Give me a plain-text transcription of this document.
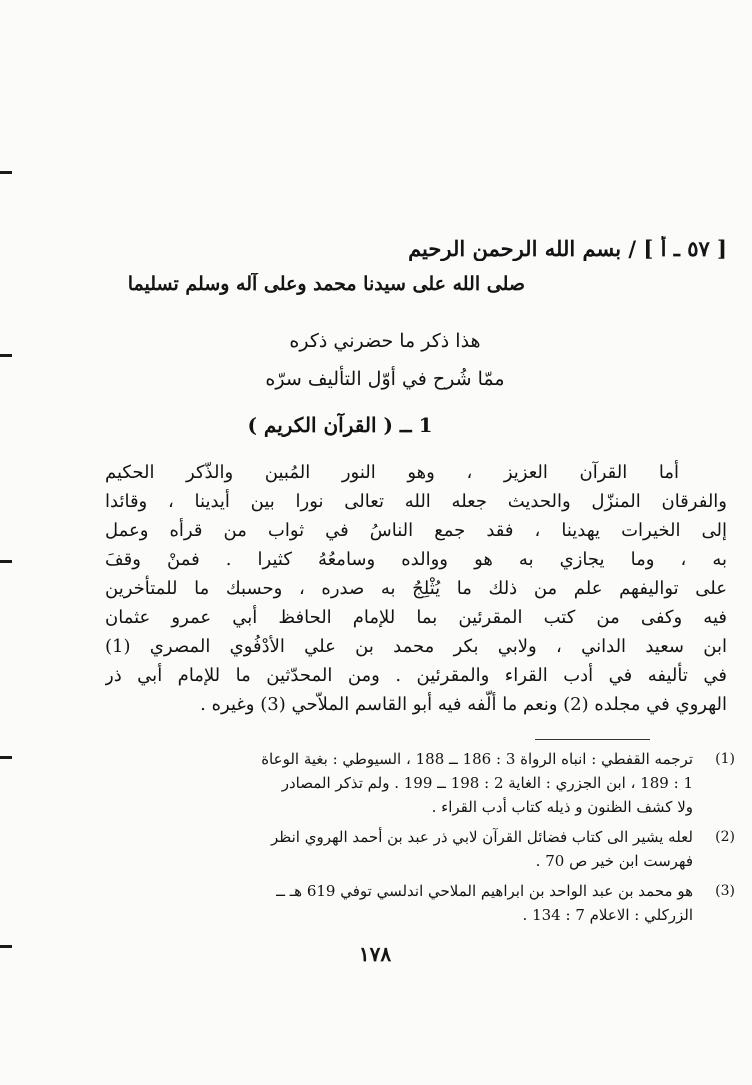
[ ٥٧ ـ أ ] / بسم الله الرحمن الرحيم
صلى الله على سيدنا محمد وعلى آله وسلم تسليما
هذا ذكر ما حضرني ذكره
ممّا شُرح في أوّل التأليف سرّه
1 ــ ( القرآن الكريم )
أما القرآن العزيز ، وهو النور المُبين والذّكر الحكيم
والفرقان المنزّل والحديث جعله الله تعالى نورا بين أيدينا ، وقائدا
إلى الخيرات يهدينا ، فقد جمع الناسُ في ثواب من قرأه وعمل
به ، وما يجازي به هو ووالده وسامعُهُ كثيرا . فمنْ وقفَ
على تواليفهم علم من ذلك ما يُثْلِجُ به صدره ، وحسبك ما للمتأخرين
فيه وكفى من كتب المقرئين بما للإمام الحافظ أبي عمرو عثمان
ابن سعيد الداني ، ولابي بكر محمد بن علي الأدْفُوي المصري (1)
في تأليفه في أدب القراء والمقرئين . ومن المحدّثين ما للإمام أبي ذر
الهروي في مجلده (2) ونعم ما ألّفه فيه أبو القاسم الملاّحي (3) وغيره .
(1)
ترجمه القفطي : انباه الرواة 3 : 186 ــ 188 ، السيوطي : بغية الوعاة
1 : 189 ، ابن الجزري : الغاية 2 : 198 ــ 199 . ولم تذكر المصادر
ولا كشف الظنون و ذيله كتاب أدب القراء .
(2)
لعله يشير الى كتاب فضائل القرآن لابي ذر عبد بن أحمد الهروي انظر
فهرست ابن خير ص 70 .
(3)
هو محمد بن عبد الواحد بن ابراهيم الملاحي اندلسي توفي 619 هـ ــ
الزركلي : الاعلام 7 : 134 .
١٧٨
